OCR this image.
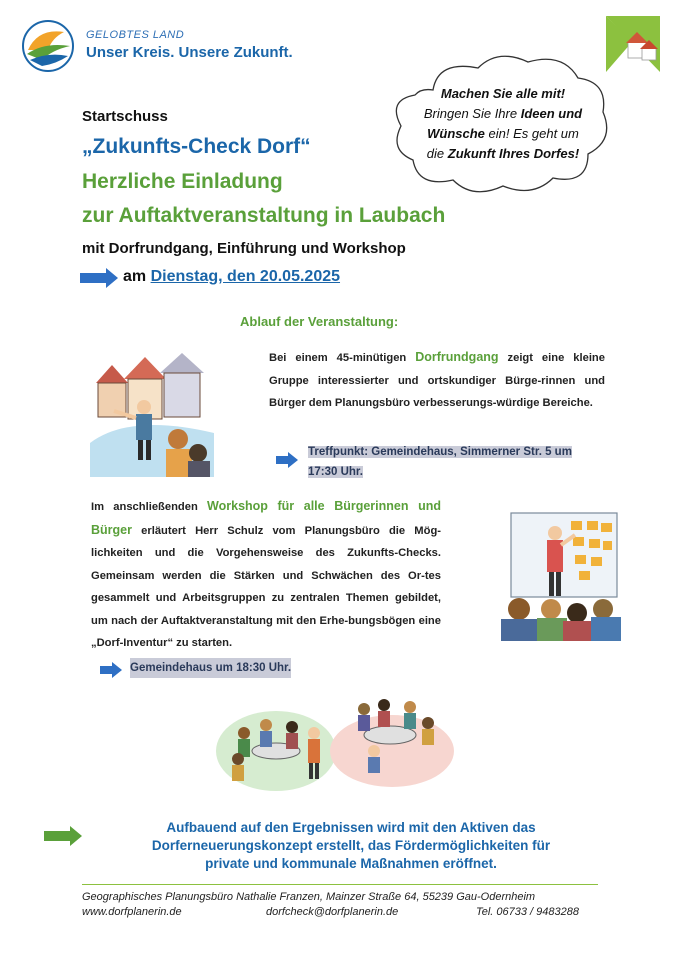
GELOBTES LAND
Unser Kreis. Unsere Zukunft.
Machen Sie alle mit!
Bringen Sie Ihre Ideen und
Wünsche ein! Es geht um
die Zukunft Ihres Dorfes!
Startschuss
„Zukunfts-Check Dorf“
Herzliche Einladung
zur Auftaktveranstaltung in Laubach
mit Dorfrundgang, Einführung und Workshop
am Dienstag, den 20.05.2025
Ablauf der Veranstaltung:
Bei einem 45-minütigen Dorfrundgang zeigt eine kleine Gruppe interessierter und ortskundiger Bürge-rinnen und Bürger dem Planungsbüro verbesserungs-würdige Bereiche.
Treffpunkt: Gemeindehaus, Simmerner Str. 5 um
17:30 Uhr.
Im anschließenden Workshop für alle Bürgerinnen und Bürger erläutert Herr Schulz vom Planungsbüro die Mög-lichkeiten und die Vorgehensweise des Zukunfts-Checks. Gemeinsam werden die Stärken und Schwächen des Or-tes gesammelt und Arbeitsgruppen zu zentralen Themen gebildet, um nach der Auftaktveranstaltung mit den Erhe-bungsbögen eine „Dorf-Inventur“ zu starten.
Gemeindehaus um 18:30 Uhr.
Aufbauend auf den Ergebnissen wird mit den Aktiven das
Dorferneuerungskonzept erstellt, das Fördermöglichkeiten für
private und kommunale Maßnahmen eröffnet.
Geographisches Planungsbüro Nathalie Franzen, Mainzer Straße 64, 55239 Gau-Odernheim
www.dorfplanerin.de	dorfcheck@dorfplanerin.de	Tel. 06733 / 9483288
